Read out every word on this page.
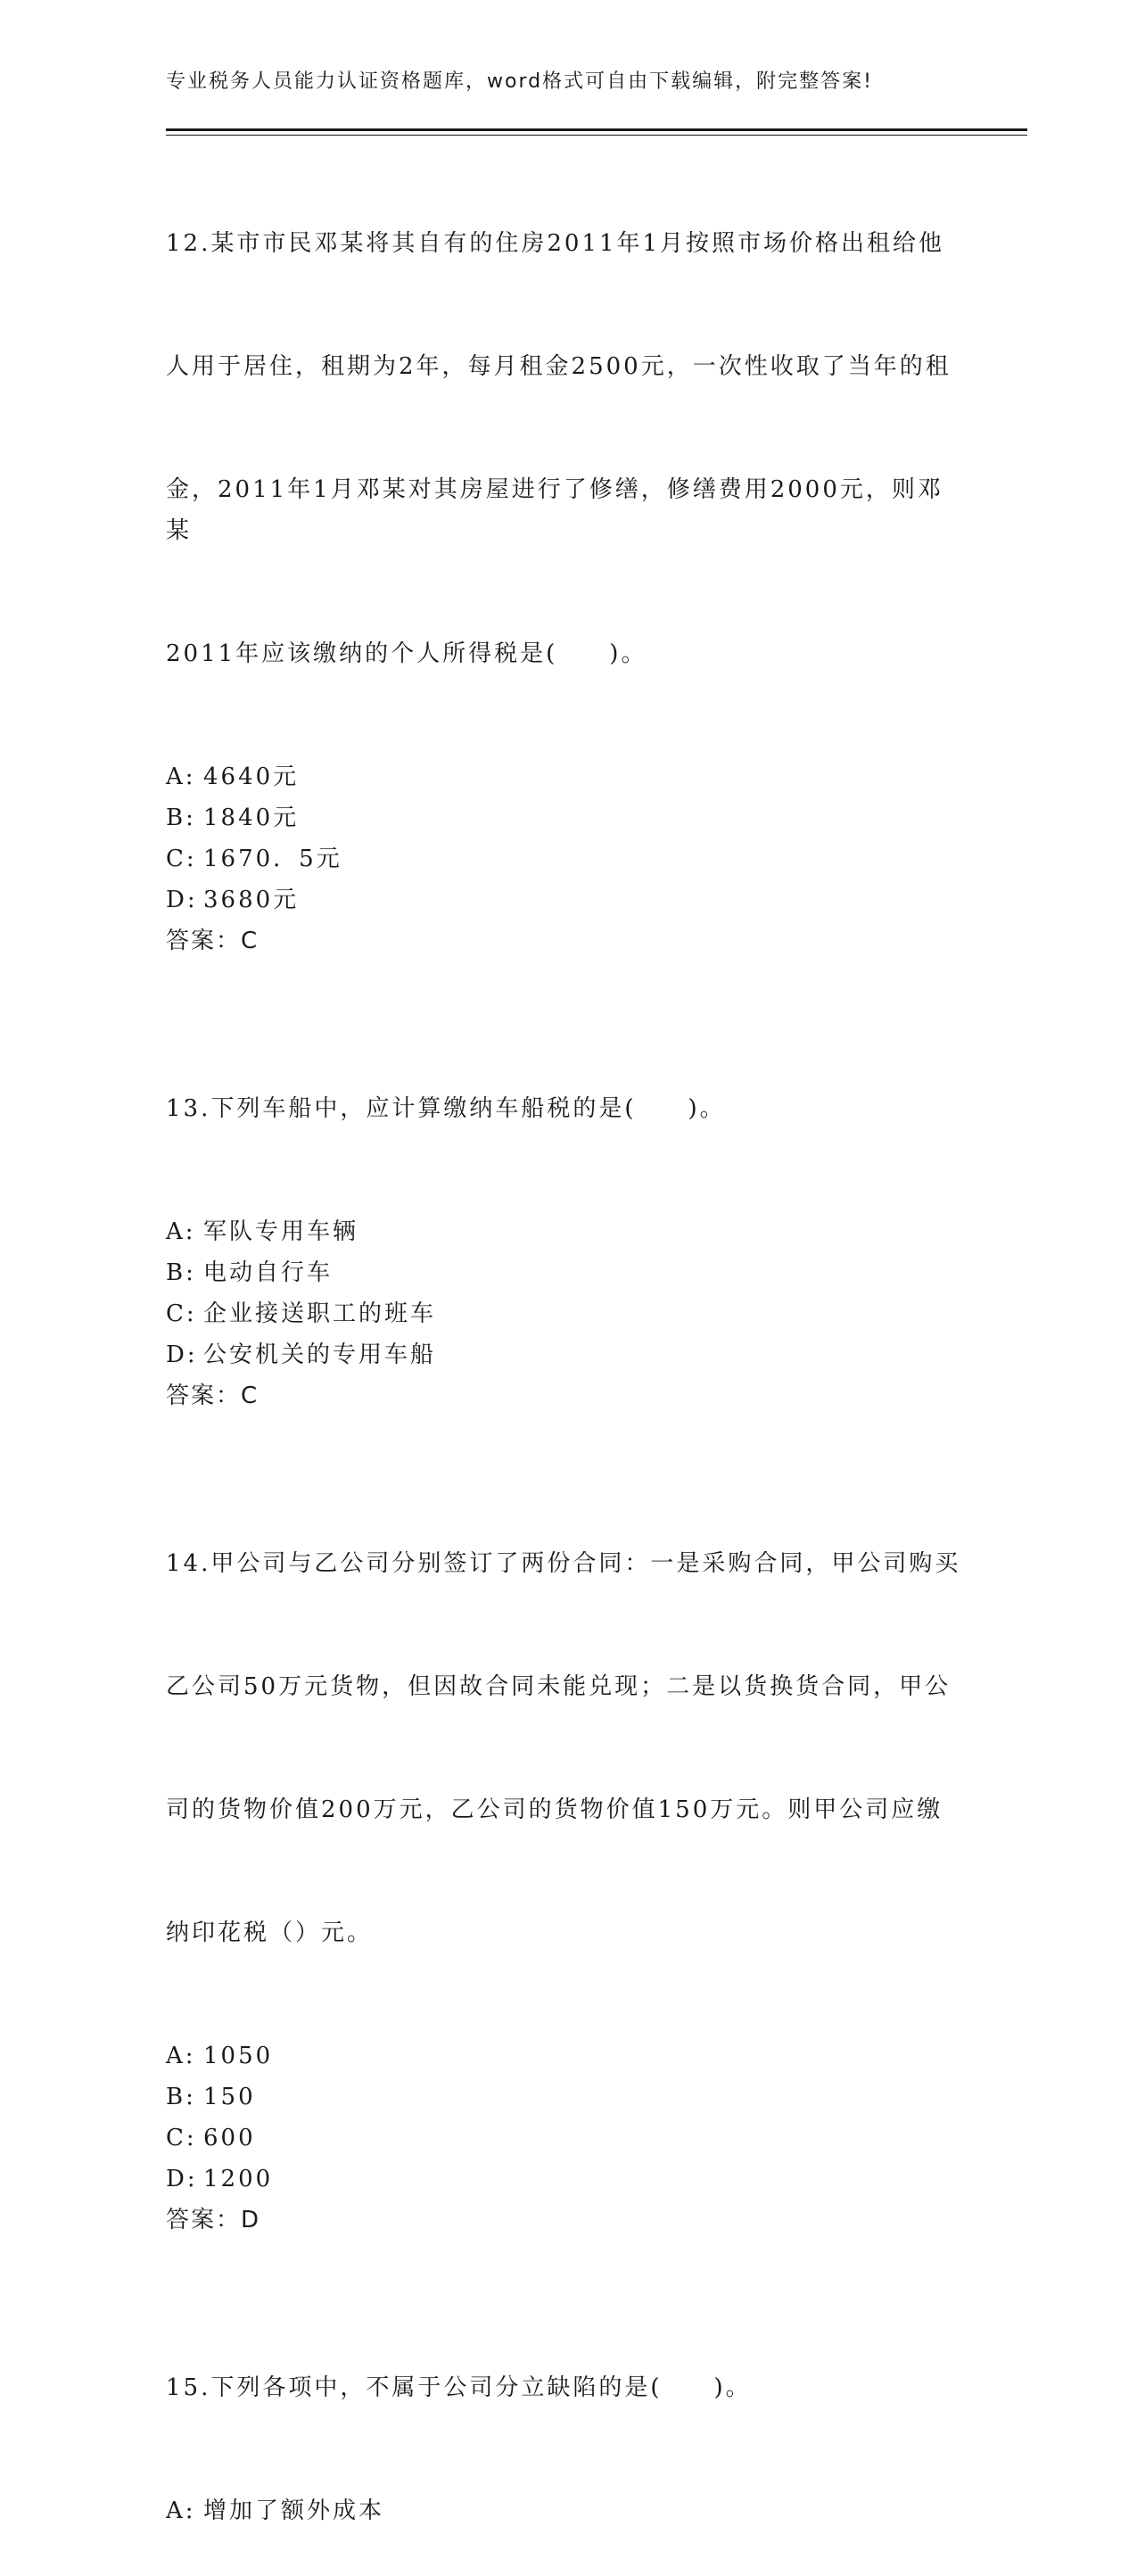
专业税务人员能力认证资格题库，word格式可自由下载编辑，附完整答案!

12.某市市民邓某将其自有的住房2011年1月按照市场价格出租给他

人用于居住，租期为2年，每月租金2500元，一次性收取了当年的租

金，2011年1月邓某对其房屋进行了修缮，修缮费用2000元，则邓某

2011年应该缴纳的个人所得税是(　　)。

A: 4640元
B: 1840元
C: 1670．5元
D: 3680元
答案：C

13.下列车船中，应计算缴纳车船税的是(　　)。

A: 军队专用车辆
B: 电动自行车
C: 企业接送职工的班车
D: 公安机关的专用车船
答案：C

14.甲公司与乙公司分别签订了两份合同：一是采购合同，甲公司购买

乙公司50万元货物，但因故合同未能兑现；二是以货换货合同，甲公

司的货物价值200万元，乙公司的货物价值150万元。则甲公司应缴

纳印花税（）元。

A: 1050
B: 150
C: 600
D: 1200
答案：D

15.下列各项中，不属于公司分立缺陷的是(　　)。

A: 增加了额外成本
